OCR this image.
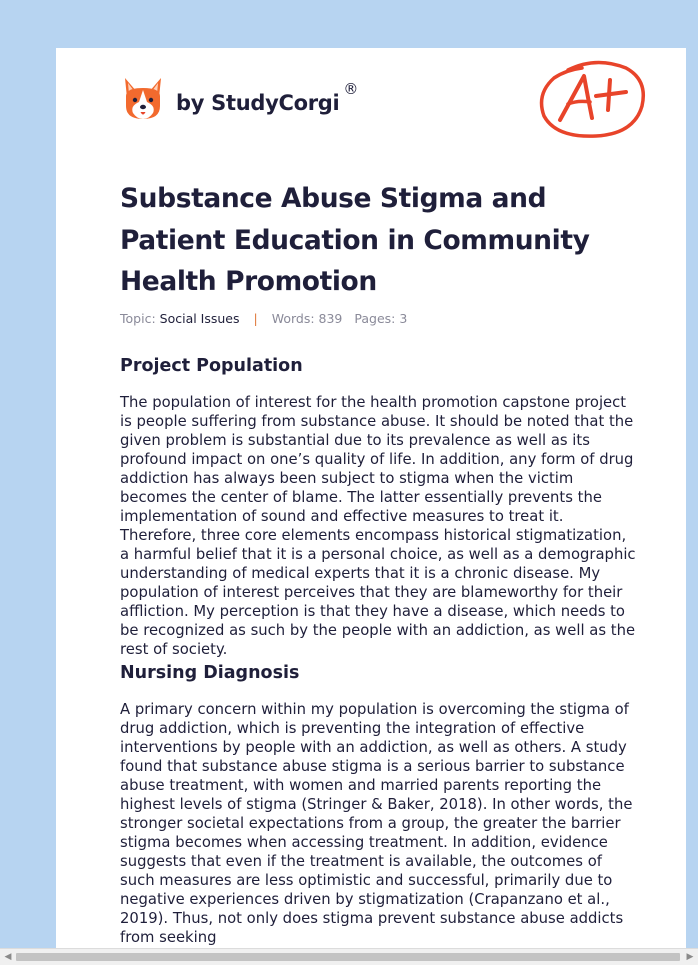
by StudyCorgi
®
Substance Abuse Stigma and Patient Education in Community Health Promotion
Topic: Social Issues | Words: 839 Pages: 3
Project Population

The population of interest for the health promotion capstone project is people suffering from substance abuse. It should be noted that the given problem is substantial due to its prevalence as well as its profound impact on one’s quality of life. In addition, any form of drug addiction has always been subject to stigma when the victim becomes the center of blame. The latter essentially prevents the implementation of sound and effective measures to treat it. Therefore, three core elements encompass historical stigmatization, a harmful belief that it is a personal choice, as well as a demographic understanding of medical experts that it is a chronic disease. My population of interest perceives that they are blameworthy for their affliction. My perception is that they have a disease, which needs to be recognized as such by the people with an addiction, as well as the rest of society.

Nursing Diagnosis

A primary concern within my population is overcoming the stigma of drug addiction, which is preventing the integration of effective interventions by people with an addiction, as well as others. A study found that substance abuse stigma is a serious barrier to substance abuse treatment, with women and married parents reporting the highest levels of stigma (Stringer & Baker, 2018). In other words, the stronger societal expectations from a group, the greater the barrier stigma becomes when accessing treatment. In addition, evidence suggests that even if the treatment is available, the outcomes of such measures are less optimistic and successful, primarily due to negative experiences driven by stigmatization (Crapanzano et al., 2019). Thus, not only does stigma prevent substance abuse addicts from seeking

◀	▶
